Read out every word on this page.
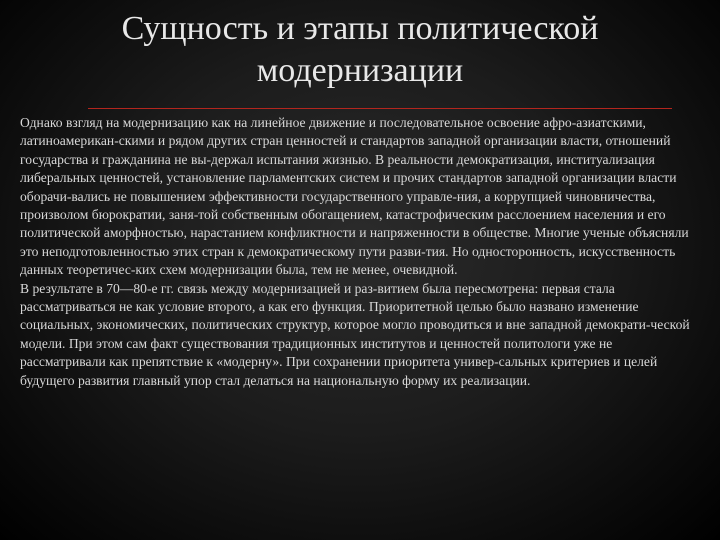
Сущность и этапы политической
модернизации

Однако взгляд на модернизацию как на линейное движение и последовательное освоение афро-азиатскими, латиноамерикан-скими и рядом других стран ценностей и стандартов западной организации власти, отношений государства и гражданина не вы-держал испытания жизнью. В реальности демократизация, институализация либеральных ценностей, установление парламентских систем и прочих стандартов западной организации власти оборачи-вались не повышением эффективности государственного управле-ния, а коррупцией чиновничества, произволом бюрократии, заня-той собственным обогащением, катастрофическим расслоением населения и его политической аморфностью, нарастанием конфликтности и напряженности в обществе. Многие ученые объясняли это неподготовленностью этих стран к демократическому пути разви-тия. Но односторонность, искусственность данных теоретичес-ких схем модернизации была, тем не менее, очевидной.

В результате в 70—80-е гг. связь между модернизацией и раз-витием была пересмотрена: первая стала рассматриваться не как условие второго, а как его функция. Приоритетной целью было названо изменение социальных, экономических, политических структур, которое могло проводиться и вне западной демократи-ческой модели. При этом сам факт существования традиционных институтов и ценностей политологи уже не рассматривали как препятствие к «модерну». При сохранении приоритета универ-сальных критериев и целей будущего развития главный упор стал делаться на национальную форму их реализации.
